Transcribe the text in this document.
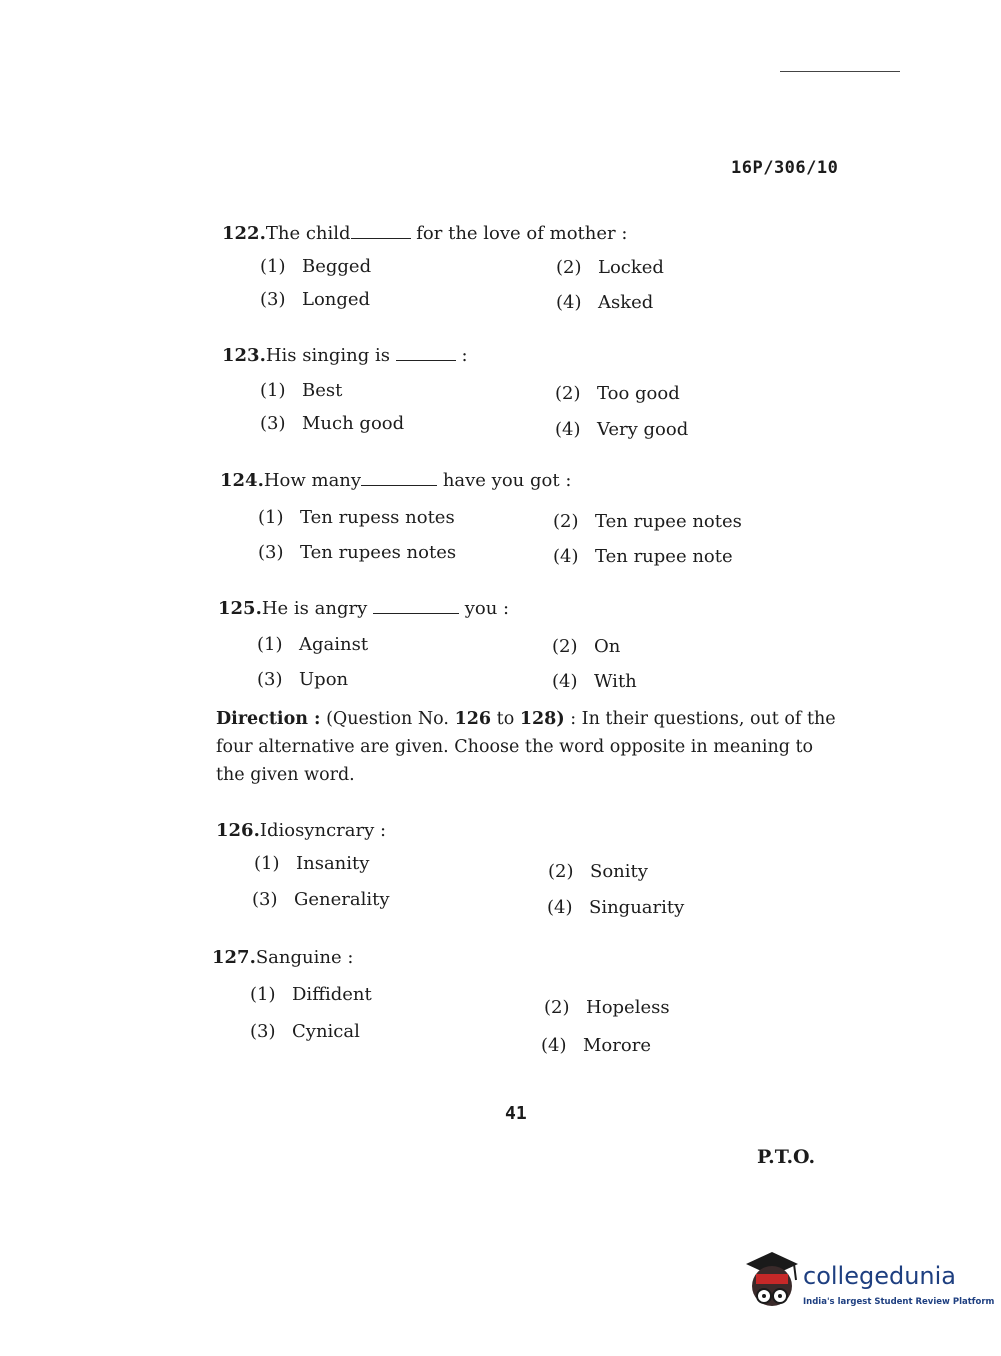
16P/306/10
122.The child	for the love of mother :
(1) Begged	(2) Locked
(3) Longed	(4) Asked
123.His singing is	:
(1) Best	(2) Too good
(3) Much good	(4) Very good
124.How many	have you got :
(1) Ten rupess notes	(2) Ten rupee notes
(3) Ten rupees notes	(4) Ten rupee note
125.He is angry	you :
(1) Against	(2) On
(3) Upon	(4) With
Direction : (Question No. 126 to 128) : In their questions, out of the four alternative are given. Choose the word opposite in meaning to the given word.
126.Idiosyncrary :
(1) Insanity	(2) Sonity
(3) Generality	(4) Singuarity
127.Sanguine :
(1) Diffident
(2) Hopeless
(3) Cynical
(4) Morore
41
P.T.O.
collegedunia
India's largest Student Review Platform
